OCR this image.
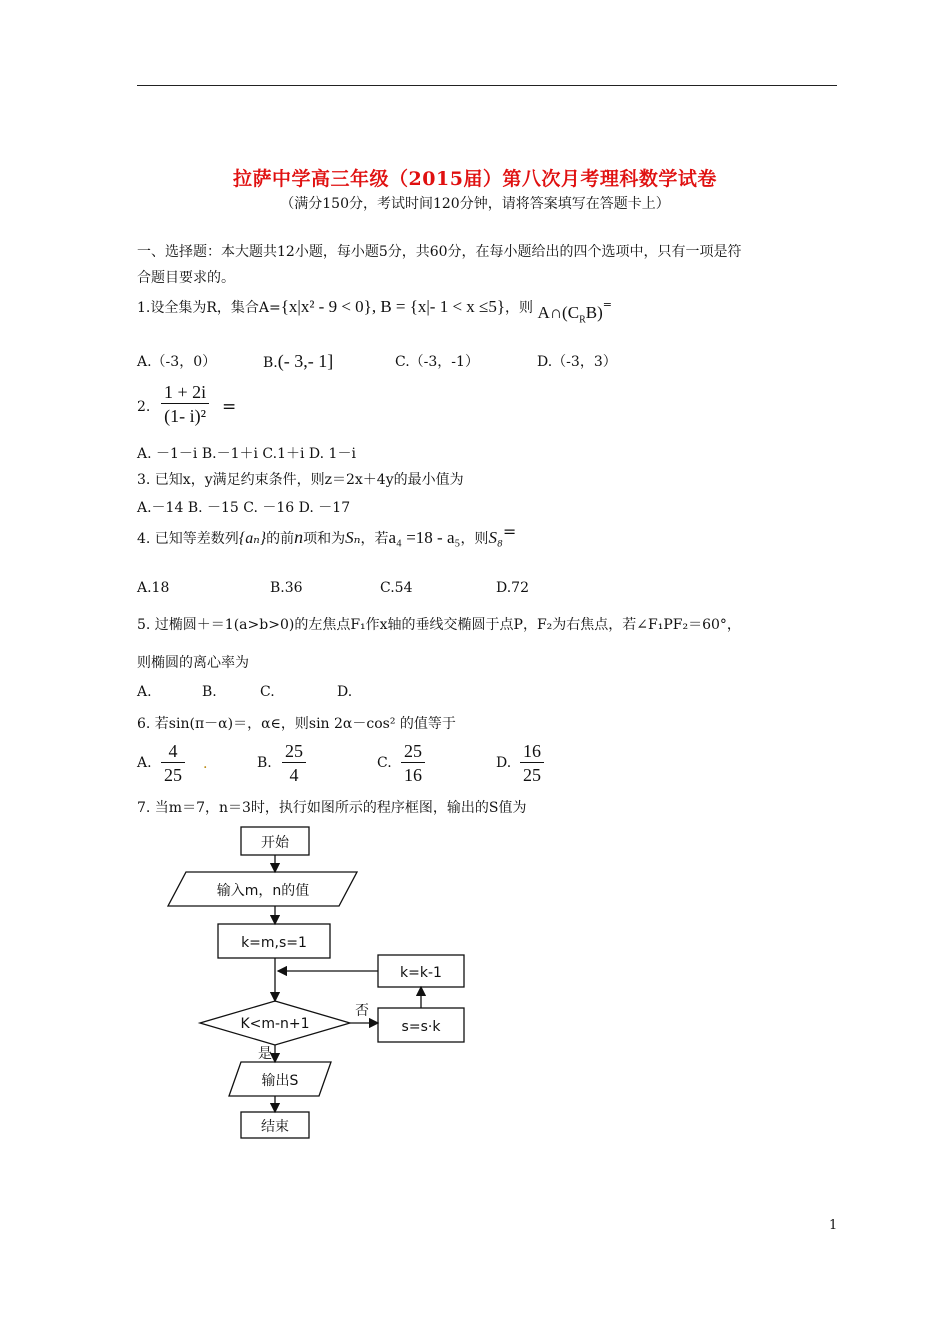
拉萨中学高三年级（2015届）第八次月考理科数学试卷
（满分150分，考试时间120分钟，请将答案填写在答题卡上）
一、选择题：本大题共12小题，每小题5分，共60分，在每小题给出的四个选项中，只有一项是符
合题目要求的。
1.设全集为R，集合A={x|x² - 9 < 0}, B = {x|- 1 < x ≤5}，则 $A\cap(C_RB)^=$
A.（-3，0）	B.(- 3,- 1]	C.（-3，-1）	D.（-3，3）
2. $\frac{1 + 2i}{\text{(1- i)²}}$ =
A. －1－i B.－1＋i C.1＋i D. 1－i
3. 已知x，y满足约束条件，则z＝2x＋4y的最小值为
A.－14 B. －15 C. －16 D. －17
4. 已知等差数列{aₙ}的前n项和为Sₙ，若a₄ =18 - a₅，则S₈=
A.18	B.36	C.54	D.72
5. 过椭圆＋＝1(a>b>0)的左焦点F₁作x轴的垂线交椭圆于点P，F₂为右焦点，若∠F₁PF₂＝60°，
则椭圆的离心率为
A.	B.	C.	D.
6. 若sin(π－α)＝，α∈，则sin 2α－cos² 的值等于
A. $\frac{4}{25}$ .	B. $\frac{25}{4}$	C. $\frac{25}{16}$	D. $\frac{16}{25}$
7. 当m＝7，n＝3时，执行如图所示的程序框图，输出的S值为
开始
输入m，n的值
k=m,s=1
k=k-1
K<m-n+1
否
s=s·k
是
输出S
结束
1
